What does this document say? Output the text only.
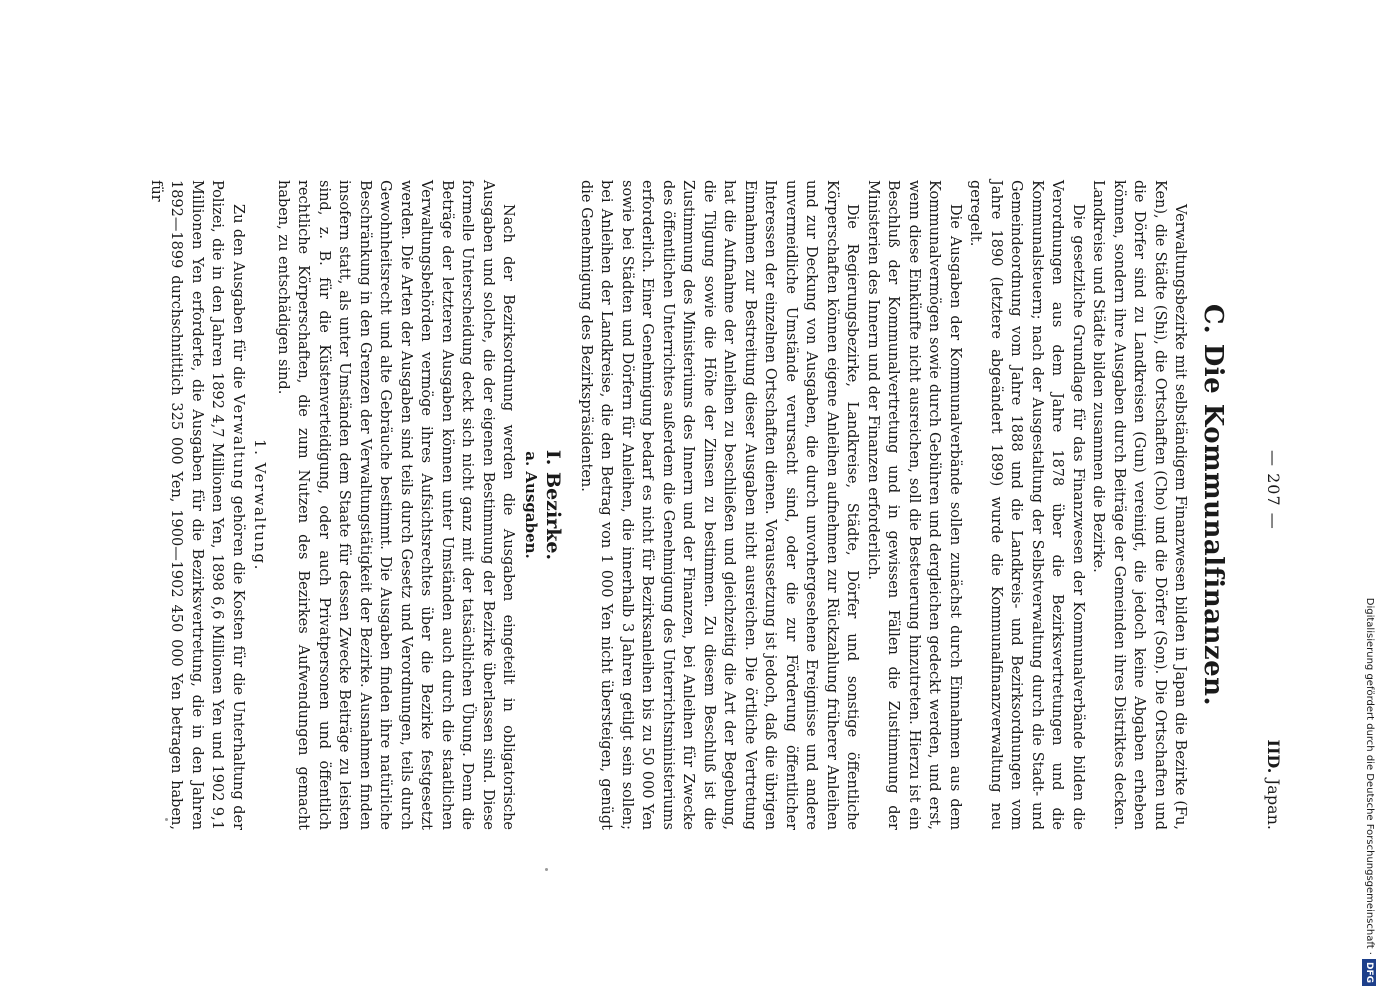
— 207 —
IID. Japan.
C. Die Kommunalfinanzen.

Verwaltungsbezirke mit selbständigem Finanzwesen bilden in Japan die Bezirke (Fu, Ken), die Städte (Shi), die Ortschaften (Cho) und die Dörfer (Son). Die Ortschaften und die Dörfer sind zu Landkreisen (Gun) vereinigt, die jedoch keine Abgaben erheben können, sondern ihre Ausgaben durch Beiträge der Gemeinden ihres Distriktes decken. Landkreise und Städte bilden zusammen die Bezirke.

Die gesetzliche Grundlage für das Finanzwesen der Kommunalverbände bilden die Verordnungen aus dem Jahre 1878 über die Bezirksvertretungen und die Kommunalsteuern; nach der Ausgestaltung der Selbstverwaltung durch die Stadt- und Gemeindeordnung vom Jahre 1888 und die Landkreis- und Bezirksordnungen vom Jahre 1890 (letztere abgeändert 1899) wurde die Kommunalfinanzverwaltung neu geregelt.

Die Ausgaben der Kommunalverbände sollen zunächst durch Einnahmen aus dem Kommunalvermögen sowie durch Gebühren und dergleichen gedeckt werden, und erst, wenn diese Einkünfte nicht ausreichen, soll die Besteuerung hinzutreten. Hierzu ist ein Beschluß der Kommunalvertretung und in gewissen Fällen die Zustimmung der Ministerien des Innern und der Finanzen erforderlich.

Die Regierungsbezirke, Landkreise, Städte, Dörfer und sonstige öffentliche Körperschaften können eigene Anleihen aufnehmen zur Rückzahlung früherer Anleihen und zur Deckung von Ausgaben, die durch unvorhergesehene Ereignisse und andere unvermeidliche Umstände verursacht sind, oder die zur Förderung öffentlicher Interessen der einzelnen Ortschaften dienen. Voraussetzung ist jedoch, daß die übrigen Einnahmen zur Bestreitung dieser Ausgaben nicht ausreichen. Die örtliche Vertretung hat die Aufnahme der Anleihen zu beschließen und gleichzeitig die Art der Begebung, die Tilgung sowie die Höhe der Zinsen zu bestimmen. Zu diesem Beschluß ist die Zustimmung des Ministeriums des Innern und der Finanzen, bei Anleihen für Zwecke des öffentlichen Unterrichtes außerdem die Genehmigung des Unterrichtsministeriums erforderlich. Einer Genehmigung bedarf es nicht für Bezirksanleihen bis zu 50 000 Yen sowie bei Städten und Dörfern für Anleihen, die innerhalb 3 Jahren getilgt sein sollen; bei Anleihen der Landkreise, die den Betrag von 1 000 Yen nicht übersteigen, genügt die Genehmigung des Bezirkspräsidenten.

I. Bezirke.
a. Ausgaben.

Nach der Bezirksordnung werden die Ausgaben eingeteilt in obligatorische Ausgaben und solche, die der eigenen Bestimmung der Bezirke überlassen sind. Diese formelle Unterscheidung deckt sich nicht ganz mit der tatsächlichen Übung. Denn die Beträge der letzteren Ausgaben können unter Umständen auch durch die staatlichen Verwaltungsbehörden vermöge ihres Aufsichtsrechtes über die Bezirke festgesetzt werden. Die Arten der Ausgaben sind teils durch Gesetz und Verordnungen, teils durch Gewohnheitsrecht und alte Gebräuche bestimmt. Die Ausgaben finden ihre natürliche Beschränkung in den Grenzen der Verwaltungstätigkeit der Bezirke. Ausnahmen finden insofern statt, als unter Umständen dem Staate für dessen Zwecke Beiträge zu leisten sind, z. B. für die Küstenverteidigung, oder auch Privatpersonen und öffentlich rechtliche Körperschaften, die zum Nutzen des Bezirkes Aufwendungen gemacht haben, zu entschädigen sind.

1. Verwaltung.

Zu den Ausgaben für die Verwaltung gehören die Kosten für die Unterhaltung der Polizei, die in den Jahren 1892 4,7 Millionen Yen, 1898 6,6 Millionen Yen und 1902 9,1 Millionen Yen erforderte, die Ausgaben für die Bezirksvertretung, die in den Jahren 1892—1899 durchschnittlich 325 000 Yen, 1900—1902 450 000 Yen betragen haben, für

Digitalisierung gefördert durch die Deutsche Forschungsgemeinschaft ·DFG
